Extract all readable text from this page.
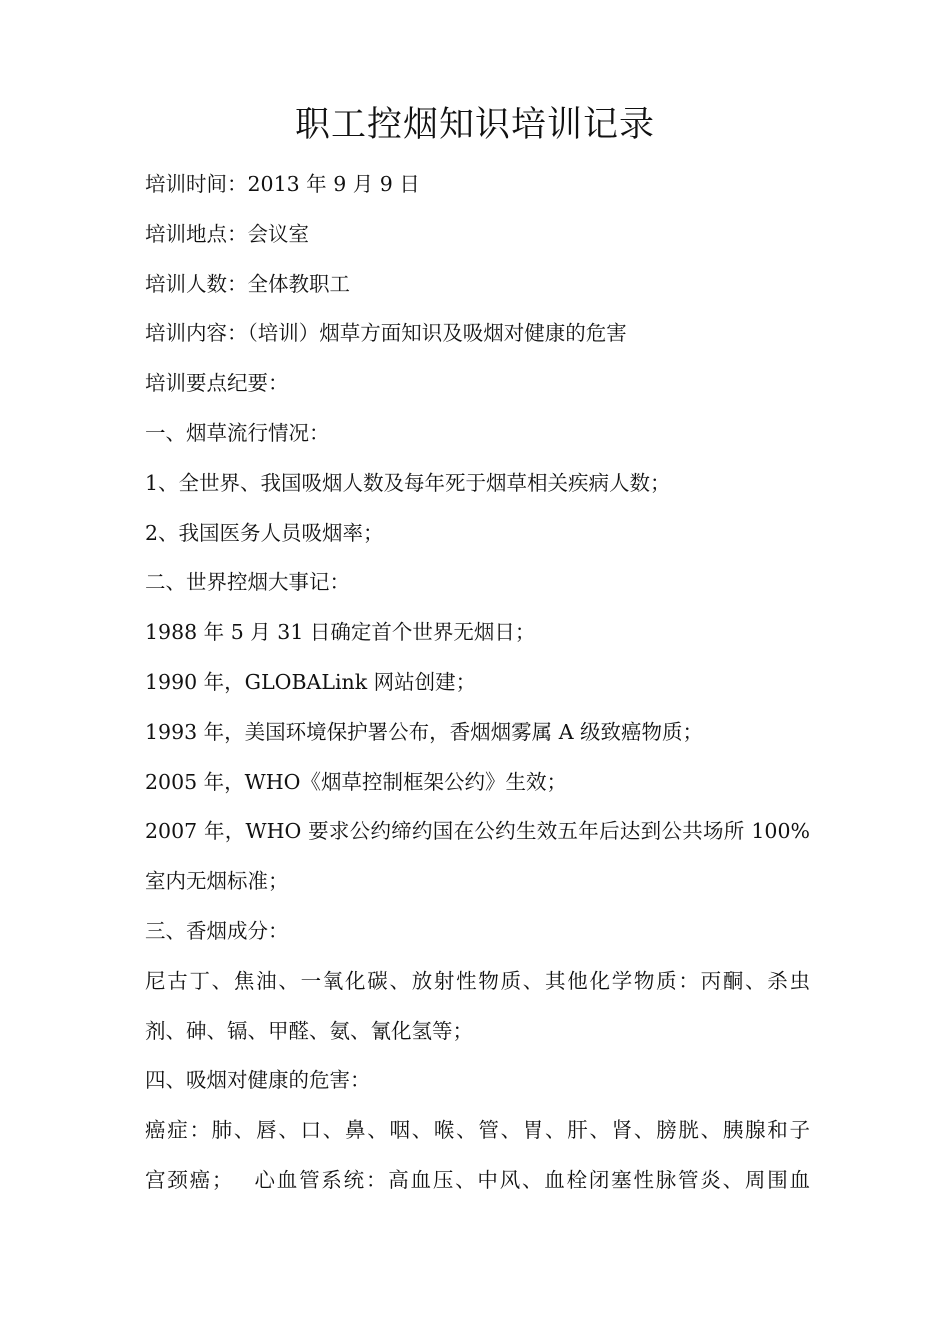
职工控烟知识培训记录
培训时间：2013 年 9 月 9 日
培训地点：会议室
培训人数：全体教职工
培训内容：（培训）烟草方面知识及吸烟对健康的危害
培训要点纪要：
一、烟草流行情况：
1、全世界、我国吸烟人数及每年死于烟草相关疾病人数；
2、我国医务人员吸烟率；
二、世界控烟大事记：
1988 年 5 月 31 日确定首个世界无烟日；
1990 年，GLOBALink 网站创建；
1993 年，美国环境保护署公布，香烟烟雾属 A 级致癌物质；
2005 年，WHO《烟草控制框架公约》生效；
2007 年，WHO 要求公约缔约国在公约生效五年后达到公共场所 100%
室内无烟标准；
三、香烟成分：
尼古丁、焦油、一氧化碳、放射性物质、其他化学物质：丙酮、杀虫
剂、砷、镉、甲醛、氨、氰化氢等；
四、吸烟对健康的危害：
癌症：肺、唇、口、鼻、咽、喉、管、胃、肝、肾、膀胱、胰腺和子
宫颈癌；　 心血管系统：高血压、中风、血栓闭塞性脉管炎、周围血
